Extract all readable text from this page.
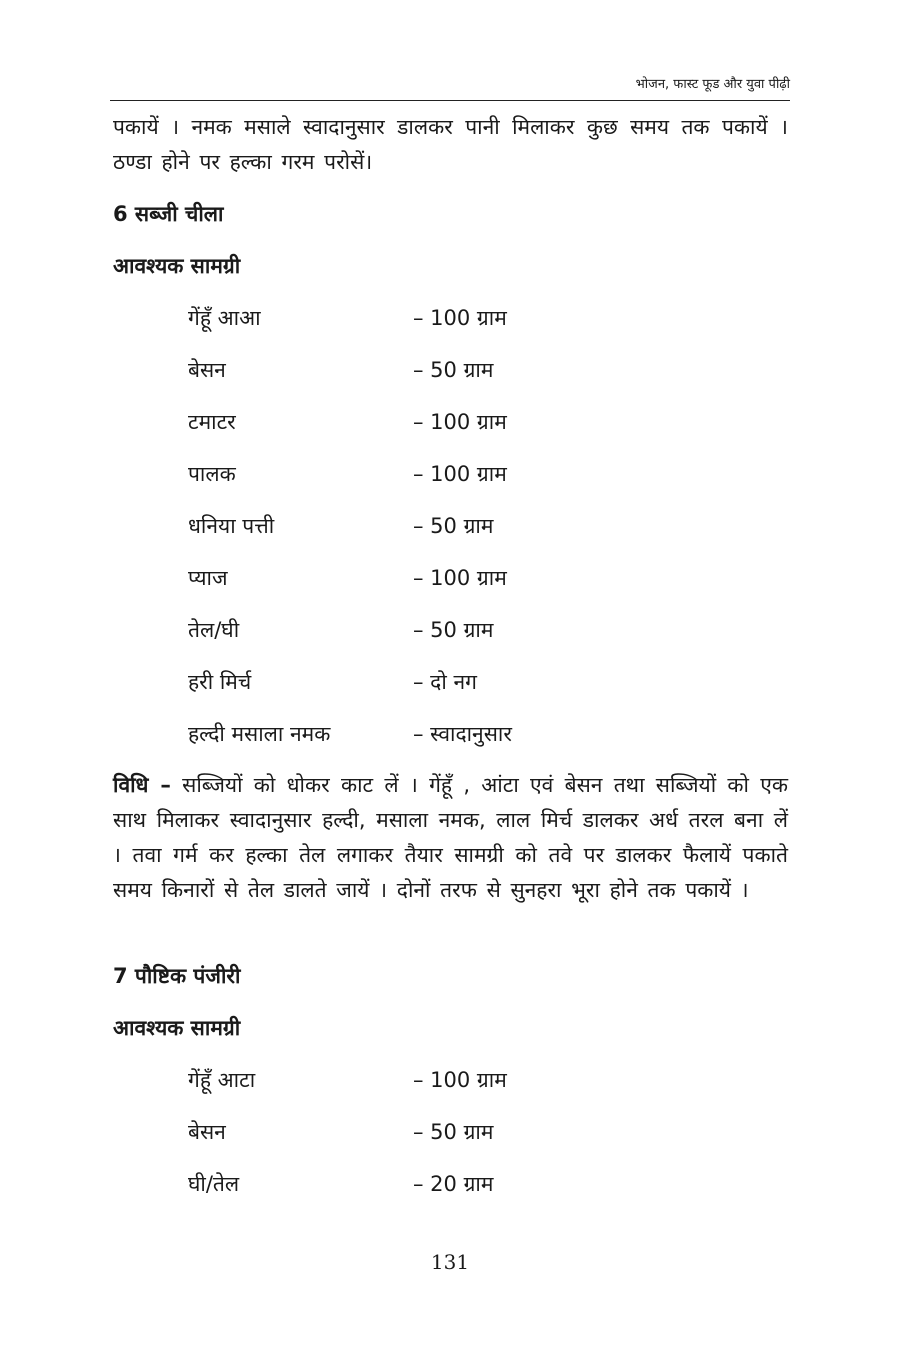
भोजन, फास्ट फूड और युवा पीढ़ी
पकायें । नमक मसाले स्वादानुसार डालकर पानी मिलाकर कुछ समय तक पकायें । ठण्डा होने पर हल्का गरम परोसें।
6 सब्जी चीला
आवश्यक सामग्री
गेंहूँ आआ	– 100 ग्राम
बेसन	– 50 ग्राम
टमाटर	– 100 ग्राम
पालक	– 100 ग्राम
धनिया पत्ती	– 50 ग्राम
प्याज	– 100 ग्राम
तेल/घी	– 50 ग्राम
हरी मिर्च	– दो नग
हल्दी मसाला नमक	– स्वादानुसार
विधि – सब्जियों को धोकर काट लें । गेंहूँ , आंटा एवं बेसन तथा सब्जियों को एक साथ मिलाकर स्वादानुसार हल्दी, मसाला नमक, लाल मिर्च डालकर अर्ध तरल बना लें । तवा गर्म कर हल्का तेल लगाकर तैयार सामग्री को तवे पर डालकर फैलायें पकाते समय किनारों से तेल डालते जायें । दोनों तरफ से सुनहरा भूरा होने तक पकायें ।
7 पौष्टिक पंजीरी
आवश्यक सामग्री
गेंहूँ आटा	– 100 ग्राम
बेसन	– 50 ग्राम
घी/तेल	– 20 ग्राम
131
